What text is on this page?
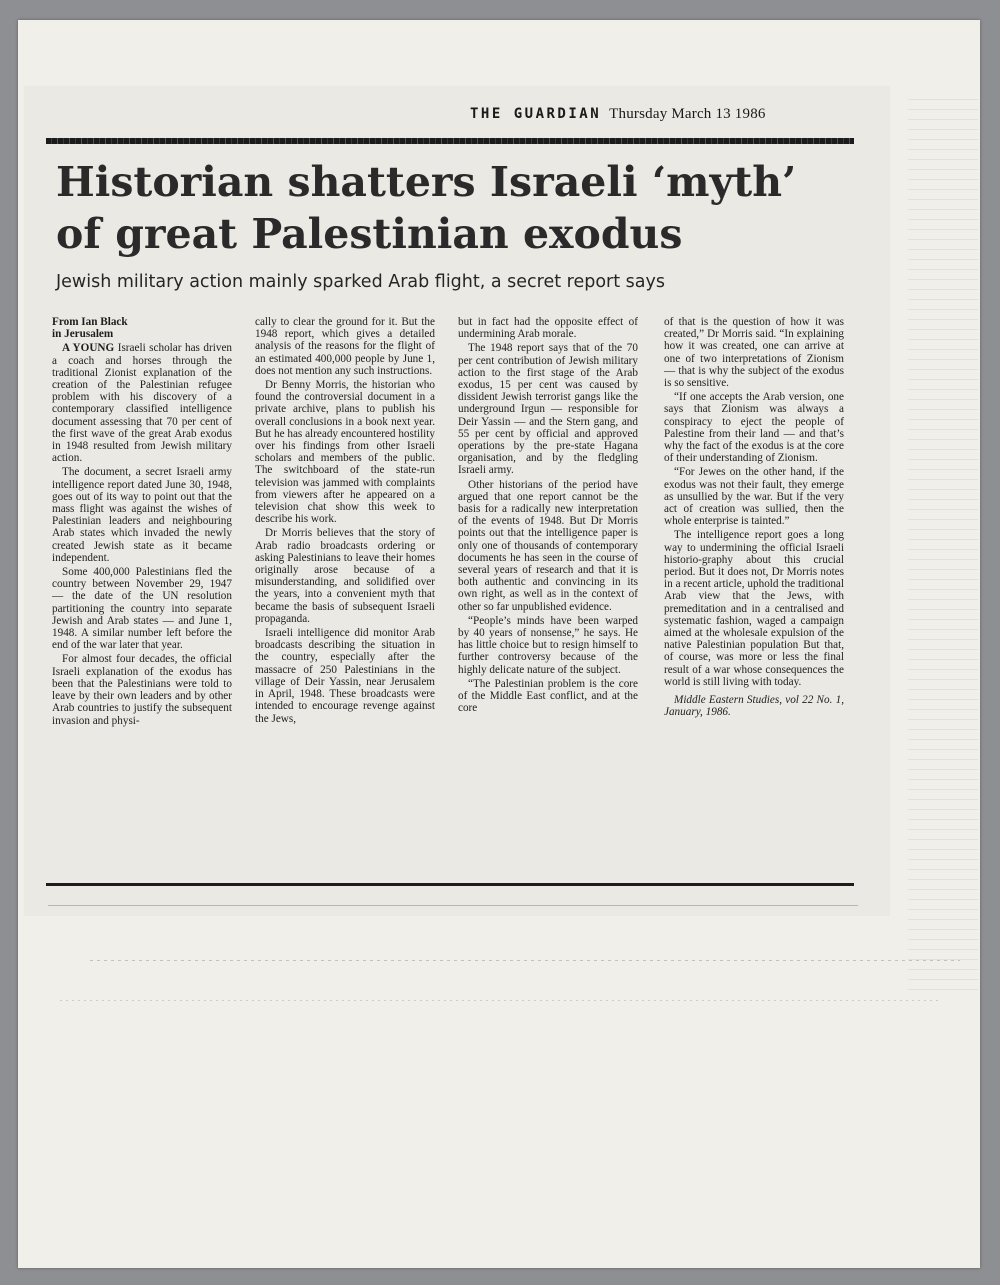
THE GUARDIAN Thursday March 13 1986
Historian shatters Israeli ‘myth’
of great Palestinian exodus
Jewish military action mainly sparked Arab flight, a secret report says

From Ian Black
in Jerusalem

A YOUNG Israeli scholar has driven a coach and horses through the traditional Zionist explanation of the creation of the Palestinian refugee problem with his discovery of a contemporary classified intelligence document assessing that 70 per cent of the first wave of the great Arab exodus in 1948 resulted from Jewish military action.

The document, a secret Israeli army intelligence report dated June 30, 1948, goes out of its way to point out that the mass flight was against the wishes of Palestinian leaders and neighbouring Arab states which invaded the newly created Jewish state as it became independent.

Some 400,000 Palestinians fled the country between November 29, 1947 — the date of the UN resolution partitioning the country into separate Jewish and Arab states — and June 1, 1948. A similar number left before the end of the war later that year.

For almost four decades, the official Israeli explanation of the exodus has been that the Palestinians were told to leave by their own leaders and by other Arab countries to justify the subsequent invasion and physi-

cally to clear the ground for it. But the 1948 report, which gives a detailed analysis of the reasons for the flight of an estimated 400,000 people by June 1, does not mention any such instructions.

Dr Benny Morris, the historian who found the controversial document in a private archive, plans to publish his overall conclusions in a book next year. But he has already encountered hostility over his findings from other Israeli scholars and members of the public. The switchboard of the state-run television was jammed with complaints from viewers after he appeared on a television chat show this week to describe his work.

Dr Morris believes that the story of Arab radio broadcasts ordering or asking Palestinians to leave their homes originally arose because of a misunderstanding, and solidified over the years, into a convenient myth that became the basis of subsequent Israeli propaganda.

Israeli intelligence did monitor Arab broadcasts describing the situation in the country, especially after the massacre of 250 Palestinians in the village of Deir Yassin, near Jerusalem in April, 1948. These broadcasts were intended to encourage revenge against the Jews,

but in fact had the opposite effect of undermining Arab morale.

The 1948 report says that of the 70 per cent contribution of Jewish military action to the first stage of the Arab exodus, 15 per cent was caused by dissident Jewish terrorist gangs like the underground Irgun — responsible for Deir Yassin — and the Stern gang, and 55 per cent by official and approved operations by the pre-state Hagana organisation, and by the fledgling Israeli army.

Other historians of the period have argued that one report cannot be the basis for a radically new interpretation of the events of 1948. But Dr Morris points out that the intelligence paper is only one of thousands of contemporary documents he has seen in the course of several years of research and that it is both authentic and convincing in its own right, as well as in the context of other so far unpublished evidence.

“People’s minds have been warped by 40 years of nonsense,” he says. He has little choice but to resign himself to further controversy because of the highly delicate nature of the subject.

“The Palestinian problem is the core of the Middle East conflict, and at the core

of that is the question of how it was created,” Dr Morris said. “In explaining how it was created, one can arrive at one of two interpretations of Zionism — that is why the subject of the exodus is so sensitive.

“If one accepts the Arab version, one says that Zionism was always a conspiracy to eject the people of Palestine from their land — and that’s why the fact of the exodus is at the core of their understanding of Zionism.

“For Jewes on the other hand, if the exodus was not their fault, they emerge as unsullied by the war. But if the very act of creation was sullied, then the whole enterprise is tainted.”

The intelligence report goes a long way to undermining the official Israeli historio-graphy about this crucial period. But it does not, Dr Morris notes in a recent article, uphold the traditional Arab view that the Jews, with premeditation and in a centralised and systematic fashion, waged a campaign aimed at the wholesale expulsion of the native Palestinian population But that, of course, was more or less the final result of a war whose consequences the world is still living with today.

Middle Eastern Studies, vol 22 No. 1, January, 1986.
